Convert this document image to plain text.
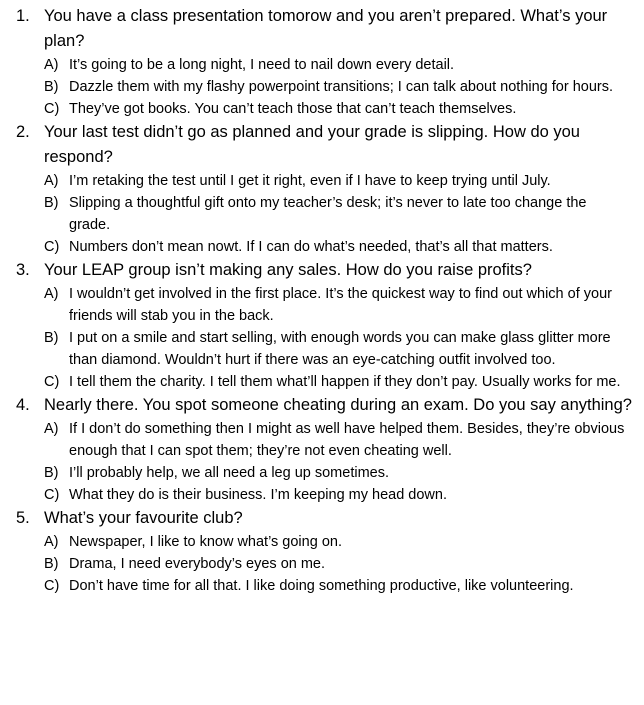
1. You have a class presentation tomorow and you aren’t prepared. What’s your plan?
A) It’s going to be a long night, I need to nail down every detail.
B) Dazzle them with my flashy powerpoint transitions; I can talk about nothing for hours.
C) They’ve got books. You can’t teach those that can’t teach themselves.
2. Your last test didn’t go as planned and your grade is slipping. How do you respond?
A) I’m retaking the test until I get it right, even if I have to keep trying until July.
B) Slipping a thoughtful gift onto my teacher’s desk; it’s never to late too change the grade.
C) Numbers don’t mean nowt. If I can do what’s needed, that’s all that matters.
3. Your LEAP group isn’t making any sales. How do you raise profits?
A) I wouldn’t get involved in the first place. It’s the quickest way to find out which of your friends will stab you in the back.
B) I put on a smile and start selling, with enough words you can make glass glitter more than diamond. Wouldn’t hurt if there was an eye-catching outfit involved too.
C) I tell them the charity. I tell them what’ll happen if they don’t pay. Usually works for me.
4. Nearly there. You spot someone cheating during an exam. Do you say anything?
A) If I don’t do something then I might as well have helped them. Besides, they’re obvious enough that I can spot them; they’re not even cheating well.
B) I’ll probably help, we all need a leg up sometimes.
C) What they do is their business. I’m keeping my head down.
5. What’s your favourite club?
A) Newspaper, I like to know what’s going on.
B) Drama, I need everybody’s eyes on me.
C) Don’t have time for all that. I like doing something productive, like volunteering.
